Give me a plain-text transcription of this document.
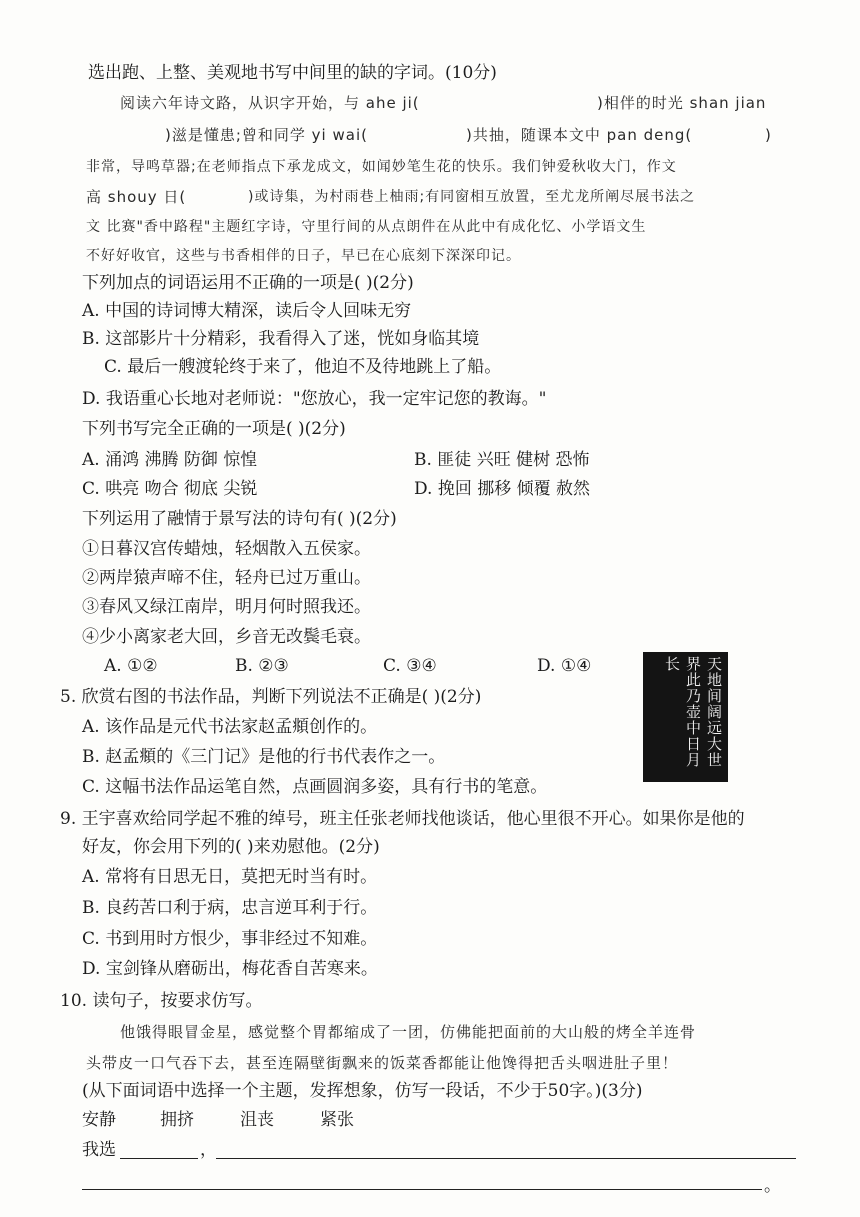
选出跑、上整、美观地书写中间里的缺的字词。(10分)
阅读六年诗文路，从识字开始，与 ahe ji(	)相伴的时光 shan jian
)滋是懂患;曾和同学 yi wai(	)共抽，随课本文中 pan deng(	)
非常，导鸣草器;在老师指点下承龙成文，如闻妙笔生花的快乐。我们钟爱秋收大门，作文
高 shouy 日(	)或诗集，为村雨巷上柚雨;有同窗相互放置，至尤龙所阐尽展书法之
文 比赛"香中路程"主题红字诗，守里行间的从点朗件在从此中有成化忆、小学语文生
不好好收官，这些与书香相伴的日子，早已在心底刻下深深印记。
下列加点的词语运用不正确的一项是( )(2分)
A. 中国的诗词博大精深，读后令人回味无穷
B. 这部影片十分精彩，我看得入了迷，恍如身临其境
C. 最后一艘渡轮终于来了，他迫不及待地跳上了船。
D. 我语重心长地对老师说："您放心，我一定牢记您的教诲。"
下列书写完全正确的一项是( )(2分)
A. 涌鸿 沸腾 防御 惊惶	B. 匪徒 兴旺 健树 恐怖
C. 哄亮 吻合 彻底 尖锐	D. 挽回 挪移 倾覆 赦然
下列运用了融情于景写法的诗句有( )(2分)
①日暮汉宫传蜡烛，轻烟散入五侯家。
②两岸猿声啼不住，轻舟已过万重山。
③春风又绿江南岸，明月何时照我还。
④少小离家老大回，乡音无改鬓毛衰。
A. ①②	B. ②③	C. ③④	D. ①④
5. 欣赏右图的书法作品，判断下列说法不正确是( )(2分)
A. 该作品是元代书法家赵孟頫创作的。
B. 赵孟頫的《三门记》是他的行书代表作之一。
C. 这幅书法作品运笔自然，点画圆润多姿，具有行书的笔意。
天地间阔远大世界此乃壶中日月长
9. 王宇喜欢给同学起不雅的绰号，班主任张老师找他谈话，他心里很不开心。如果你是他的
好友，你会用下列的( )来劝慰他。(2分)
A. 常将有日思无日，莫把无时当有时。
B. 良药苦口利于病，忠言逆耳利于行。
C. 书到用时方恨少，事非经过不知难。
D. 宝剑锋从磨砺出，梅花香自苦寒来。
10. 读句子，按要求仿写。
他饿得眼冒金星，感觉整个胃都缩成了一团，仿佛能把面前的大山般的烤全羊连骨
头带皮一口气吞下去，甚至连隔壁街飘来的饭菜香都能让他馋得把舌头咽进肚子里！
(从下面词语中选择一个主题，发挥想象，仿写一段话，不少于50字。)(3分)
安静	拥挤	沮丧	紧张
我选	，
。
